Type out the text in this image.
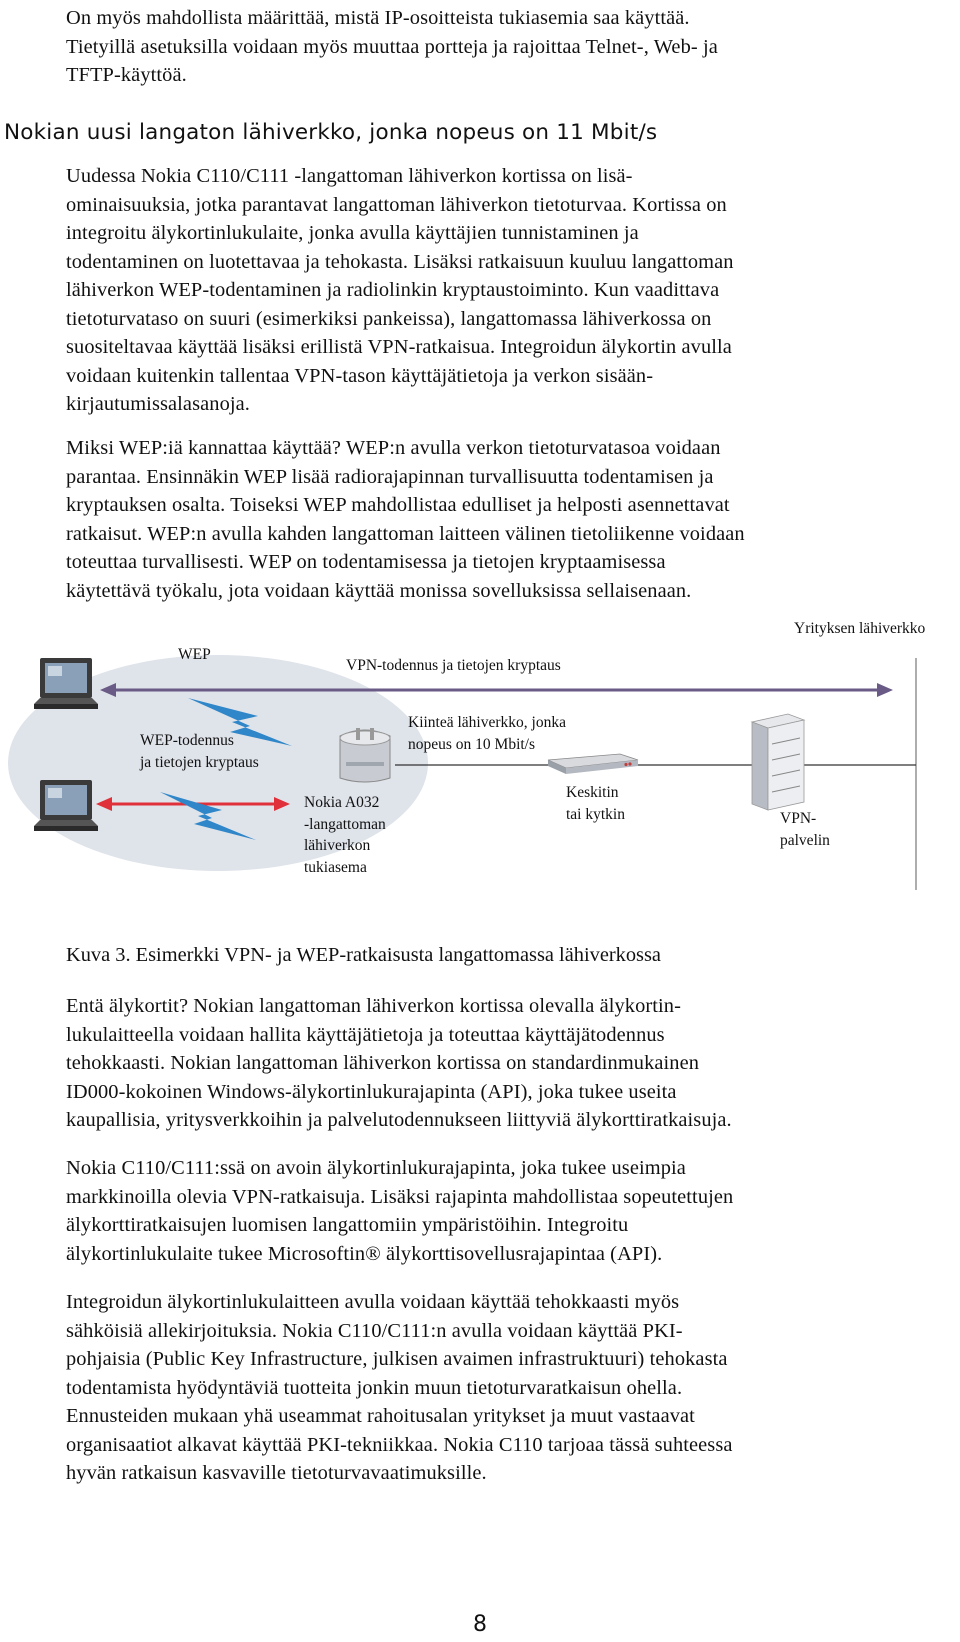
On myös mahdollista määrittää, mistä IP-osoitteista tukiasemia saa käyttää.
Tietyillä asetuksilla voidaan myös muuttaa portteja ja rajoittaa Telnet-, Web- ja
TFTP-käyttöä.

Nokian uusi langaton lähiverkko, jonka nopeus on 11 Mbit/s

Uudessa Nokia C110/C111 -langattoman lähiverkon kortissa on lisä-
ominaisuuksia, jotka parantavat langattoman lähiverkon tietoturvaa. Kortissa on
integroitu älykortinlukulaite, jonka avulla käyttäjien tunnistaminen ja
todentaminen on luotettavaa ja tehokasta. Lisäksi ratkaisuun kuuluu langattoman
lähiverkon WEP-todentaminen ja radiolinkin kryptaustoiminto. Kun vaadittava
tietoturvataso on suuri (esimerkiksi pankeissa), langattomassa lähiverkossa on
suositeltavaa käyttää lisäksi erillistä VPN-ratkaisua. Integroidun älykortin avulla
voidaan kuitenkin tallentaa VPN-tason käyttäjätietoja ja verkon sisään-
kirjautumissalasanoja.

Miksi WEP:iä kannattaa käyttää? WEP:n avulla verkon tietoturvatasoa voidaan
parantaa. Ensinnäkin WEP lisää radiorajapinnan turvallisuutta todentamisen ja
kryptauksen osalta. Toiseksi WEP mahdollistaa edulliset ja helposti asennettavat
ratkaisut. WEP:n avulla kahden langattoman laitteen välinen tietoliikenne voidaan
toteuttaa turvallisesti. WEP on todentamisessa ja tietojen kryptaamisessa
käytettävä työkalu, jota voidaan käyttää monissa sovelluksissa sellaisenaan.

Yrityksen lähiverkko
WEP
VPN-todennus ja tietojen kryptaus
WEP-todennus
ja tietojen kryptaus
Kiinteä lähiverkko, jonka
nopeus on 10 Mbit/s
Keskitin
tai kytkin
Nokia A032
-langattoman
lähiverkon
tukiasema
VPN-
palvelin

Kuva 3. Esimerkki VPN- ja WEP-ratkaisusta langattomassa lähiverkossa

Entä älykortit? Nokian langattoman lähiverkon kortissa olevalla älykortin-
lukulaitteella voidaan hallita käyttäjätietoja ja toteuttaa käyttäjätodennus
tehokkaasti. Nokian langattoman lähiverkon kortissa on standardinmukainen
ID000-kokoinen Windows-älykortinlukurajapinta (API), joka tukee useita
kaupallisia, yritysverkkoihin ja palvelutodennukseen liittyviä älykorttiratkaisuja.

Nokia C110/C111:ssä on avoin älykortinlukurajapinta, joka tukee useimpia
markkinoilla olevia VPN-ratkaisuja. Lisäksi rajapinta mahdollistaa sopeutettujen
älykorttiratkaisujen luomisen langattomiin ympäristöihin. Integroitu
älykortinlukulaite tukee Microsoftin® älykorttisovellusrajapintaa (API).

Integroidun älykortinlukulaitteen avulla voidaan käyttää tehokkaasti myös
sähköisiä allekirjoituksia. Nokia C110/C111:n avulla voidaan käyttää PKI-
pohjaisia (Public Key Infrastructure, julkisen avaimen infrastruktuuri) tehokasta
todentamista hyödyntäviä tuotteita jonkin muun tietoturvaratkaisun ohella.
Ennusteiden mukaan yhä useammat rahoitusalan yritykset ja muut vastaavat
organisaatiot alkavat käyttää PKI-tekniikkaa. Nokia C110 tarjoaa tässä suhteessa
hyvän ratkaisun kasvaville tietoturvavaatimuksille.

8
